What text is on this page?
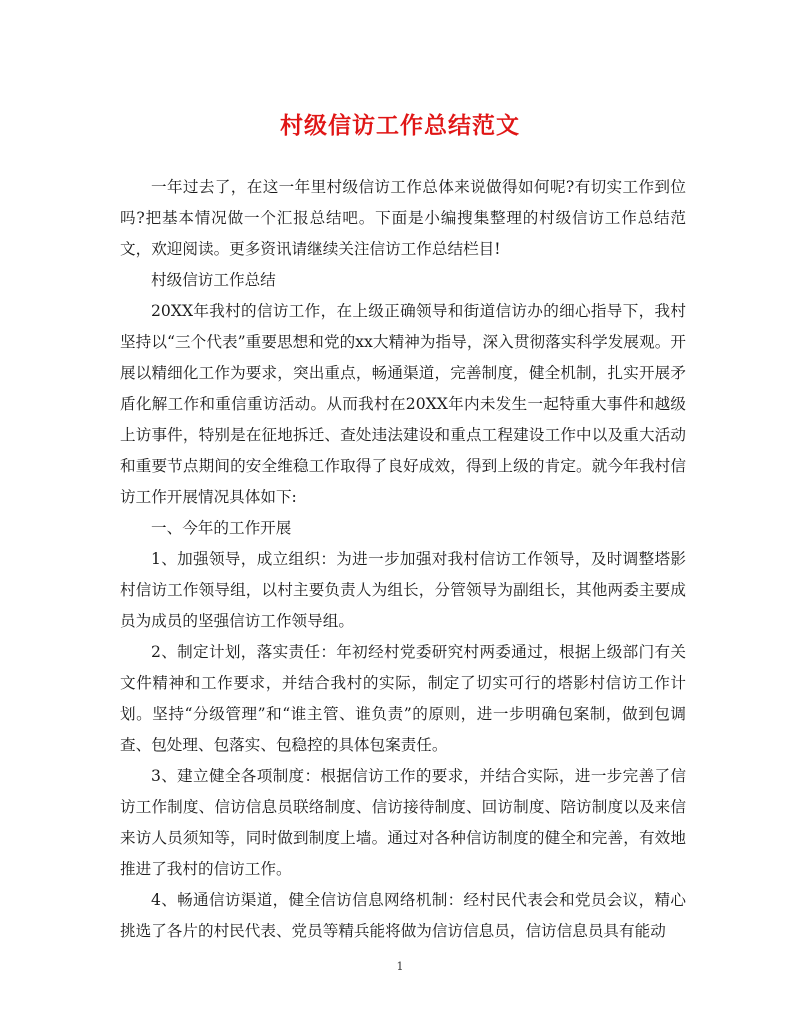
村级信访工作总结范文

一年过去了，在这一年里村级信访工作总体来说做得如何呢?有切实工作到位吗?把基本情况做一个汇报总结吧。下面是小编搜集整理的村级信访工作总结范文，欢迎阅读。更多资讯请继续关注信访工作总结栏目!

村级信访工作总结

20XX年我村的信访工作，在上级正确领导和街道信访办的细心指导下，我村坚持以“三个代表”重要思想和党的xx大精神为指导，深入贯彻落实科学发展观。开展以精细化工作为要求，突出重点，畅通渠道，完善制度，健全机制，扎实开展矛盾化解工作和重信重访活动。从而我村在20XX年内未发生一起特重大事件和越级上访事件，特别是在征地拆迁、查处违法建设和重点工程建设工作中以及重大活动和重要节点期间的安全维稳工作取得了良好成效，得到上级的肯定。就今年我村信访工作开展情况具体如下:

一、今年的工作开展

1、加强领导，成立组织：为进一步加强对我村信访工作领导，及时调整塔影村信访工作领导组，以村主要负责人为组长，分管领导为副组长，其他两委主要成员为成员的坚强信访工作领导组。

2、制定计划，落实责任：年初经村党委研究村两委通过，根据上级部门有关文件精神和工作要求，并结合我村的实际，制定了切实可行的塔影村信访工作计划。坚持“分级管理”和“谁主管、谁负责”的原则，进一步明确包案制，做到包调查、包处理、包落实、包稳控的具体包案责任。

3、建立健全各项制度：根据信访工作的要求，并结合实际，进一步完善了信访工作制度、信访信息员联络制度、信访接待制度、回访制度、陪访制度以及来信来访人员须知等，同时做到制度上墙。通过对各种信访制度的健全和完善，有效地推进了我村的信访工作。

4、畅通信访渠道，健全信访信息网络机制：经村民代表会和党员会议，精心挑选了各片的村民代表、党员等精兵能将做为信访信息员，信访信息员具有能动

1
